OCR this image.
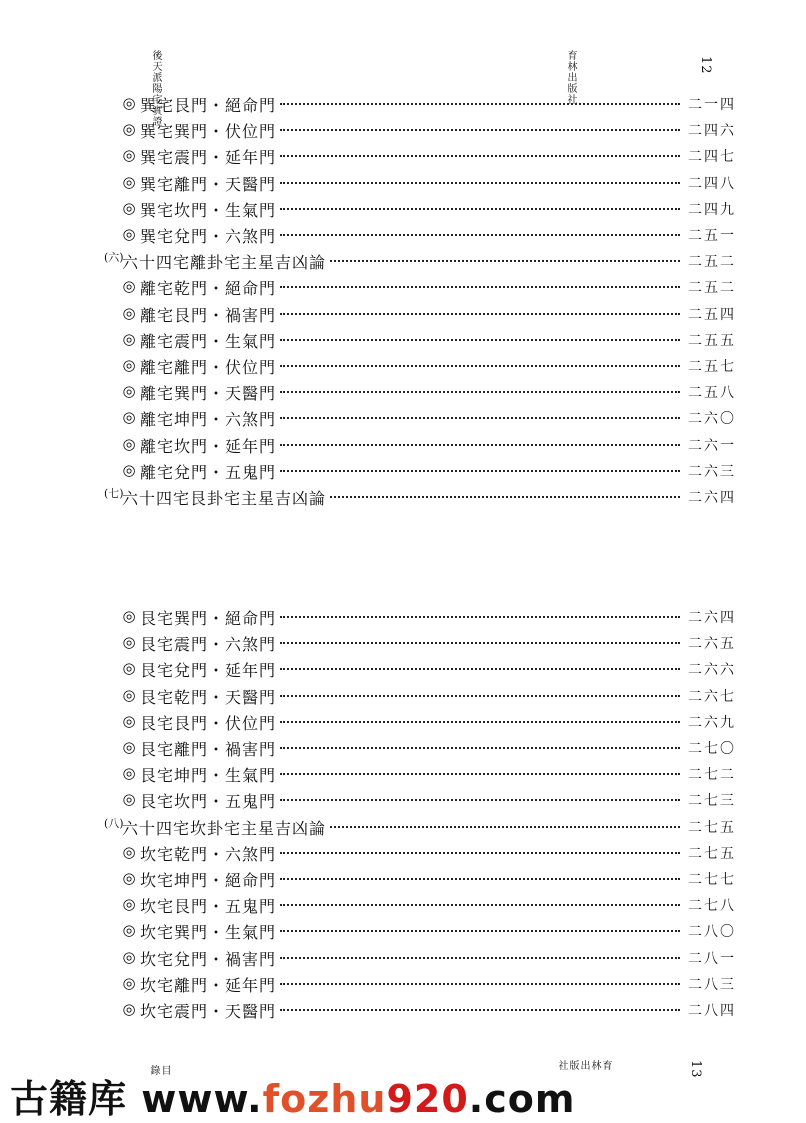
後天派陽宅實證	育林出版社	12
◎ 巽宅艮門・絕命門	二一四
◎ 巽宅巽門・伏位門	二四六
◎ 巽宅震門・延年門	二四七
◎ 巽宅離門・天醫門	二四八
◎ 巽宅坎門・生氣門	二四九
◎ 巽宅兌門・六煞門	二五一
(六)
六十四宅離卦宅主星吉凶論	二五二
◎ 離宅乾門・絕命門	二五二
◎ 離宅艮門・禍害門	二五四
◎ 離宅震門・生氣門	二五五
◎ 離宅離門・伏位門	二五七
◎ 離宅巽門・天醫門	二五八
◎ 離宅坤門・六煞門	二六〇
◎ 離宅坎門・延年門	二六一
◎ 離宅兌門・五鬼門	二六三
(七)
六十四宅艮卦宅主星吉凶論	二六四
◎ 艮宅巽門・絕命門	二六四
◎ 艮宅震門・六煞門	二六五
◎ 艮宅兌門・延年門	二六六
◎ 艮宅乾門・天醫門	二六七
◎ 艮宅艮門・伏位門	二六九
◎ 艮宅離門・禍害門	二七〇
◎ 艮宅坤門・生氣門	二七二
◎ 艮宅坎門・五鬼門	二七三
(八)
六十四宅坎卦宅主星吉凶論	二七五
◎ 坎宅乾門・六煞門	二七五
◎ 坎宅坤門・絕命門	二七七
◎ 坎宅艮門・五鬼門	二七八
◎ 坎宅巽門・生氣門	二八〇
◎ 坎宅兌門・禍害門	二八一
◎ 坎宅離門・延年門	二八三
◎ 坎宅震門・天醫門	二八四
目錄	育林出版社	13
古籍库 www.fozhu920.com
